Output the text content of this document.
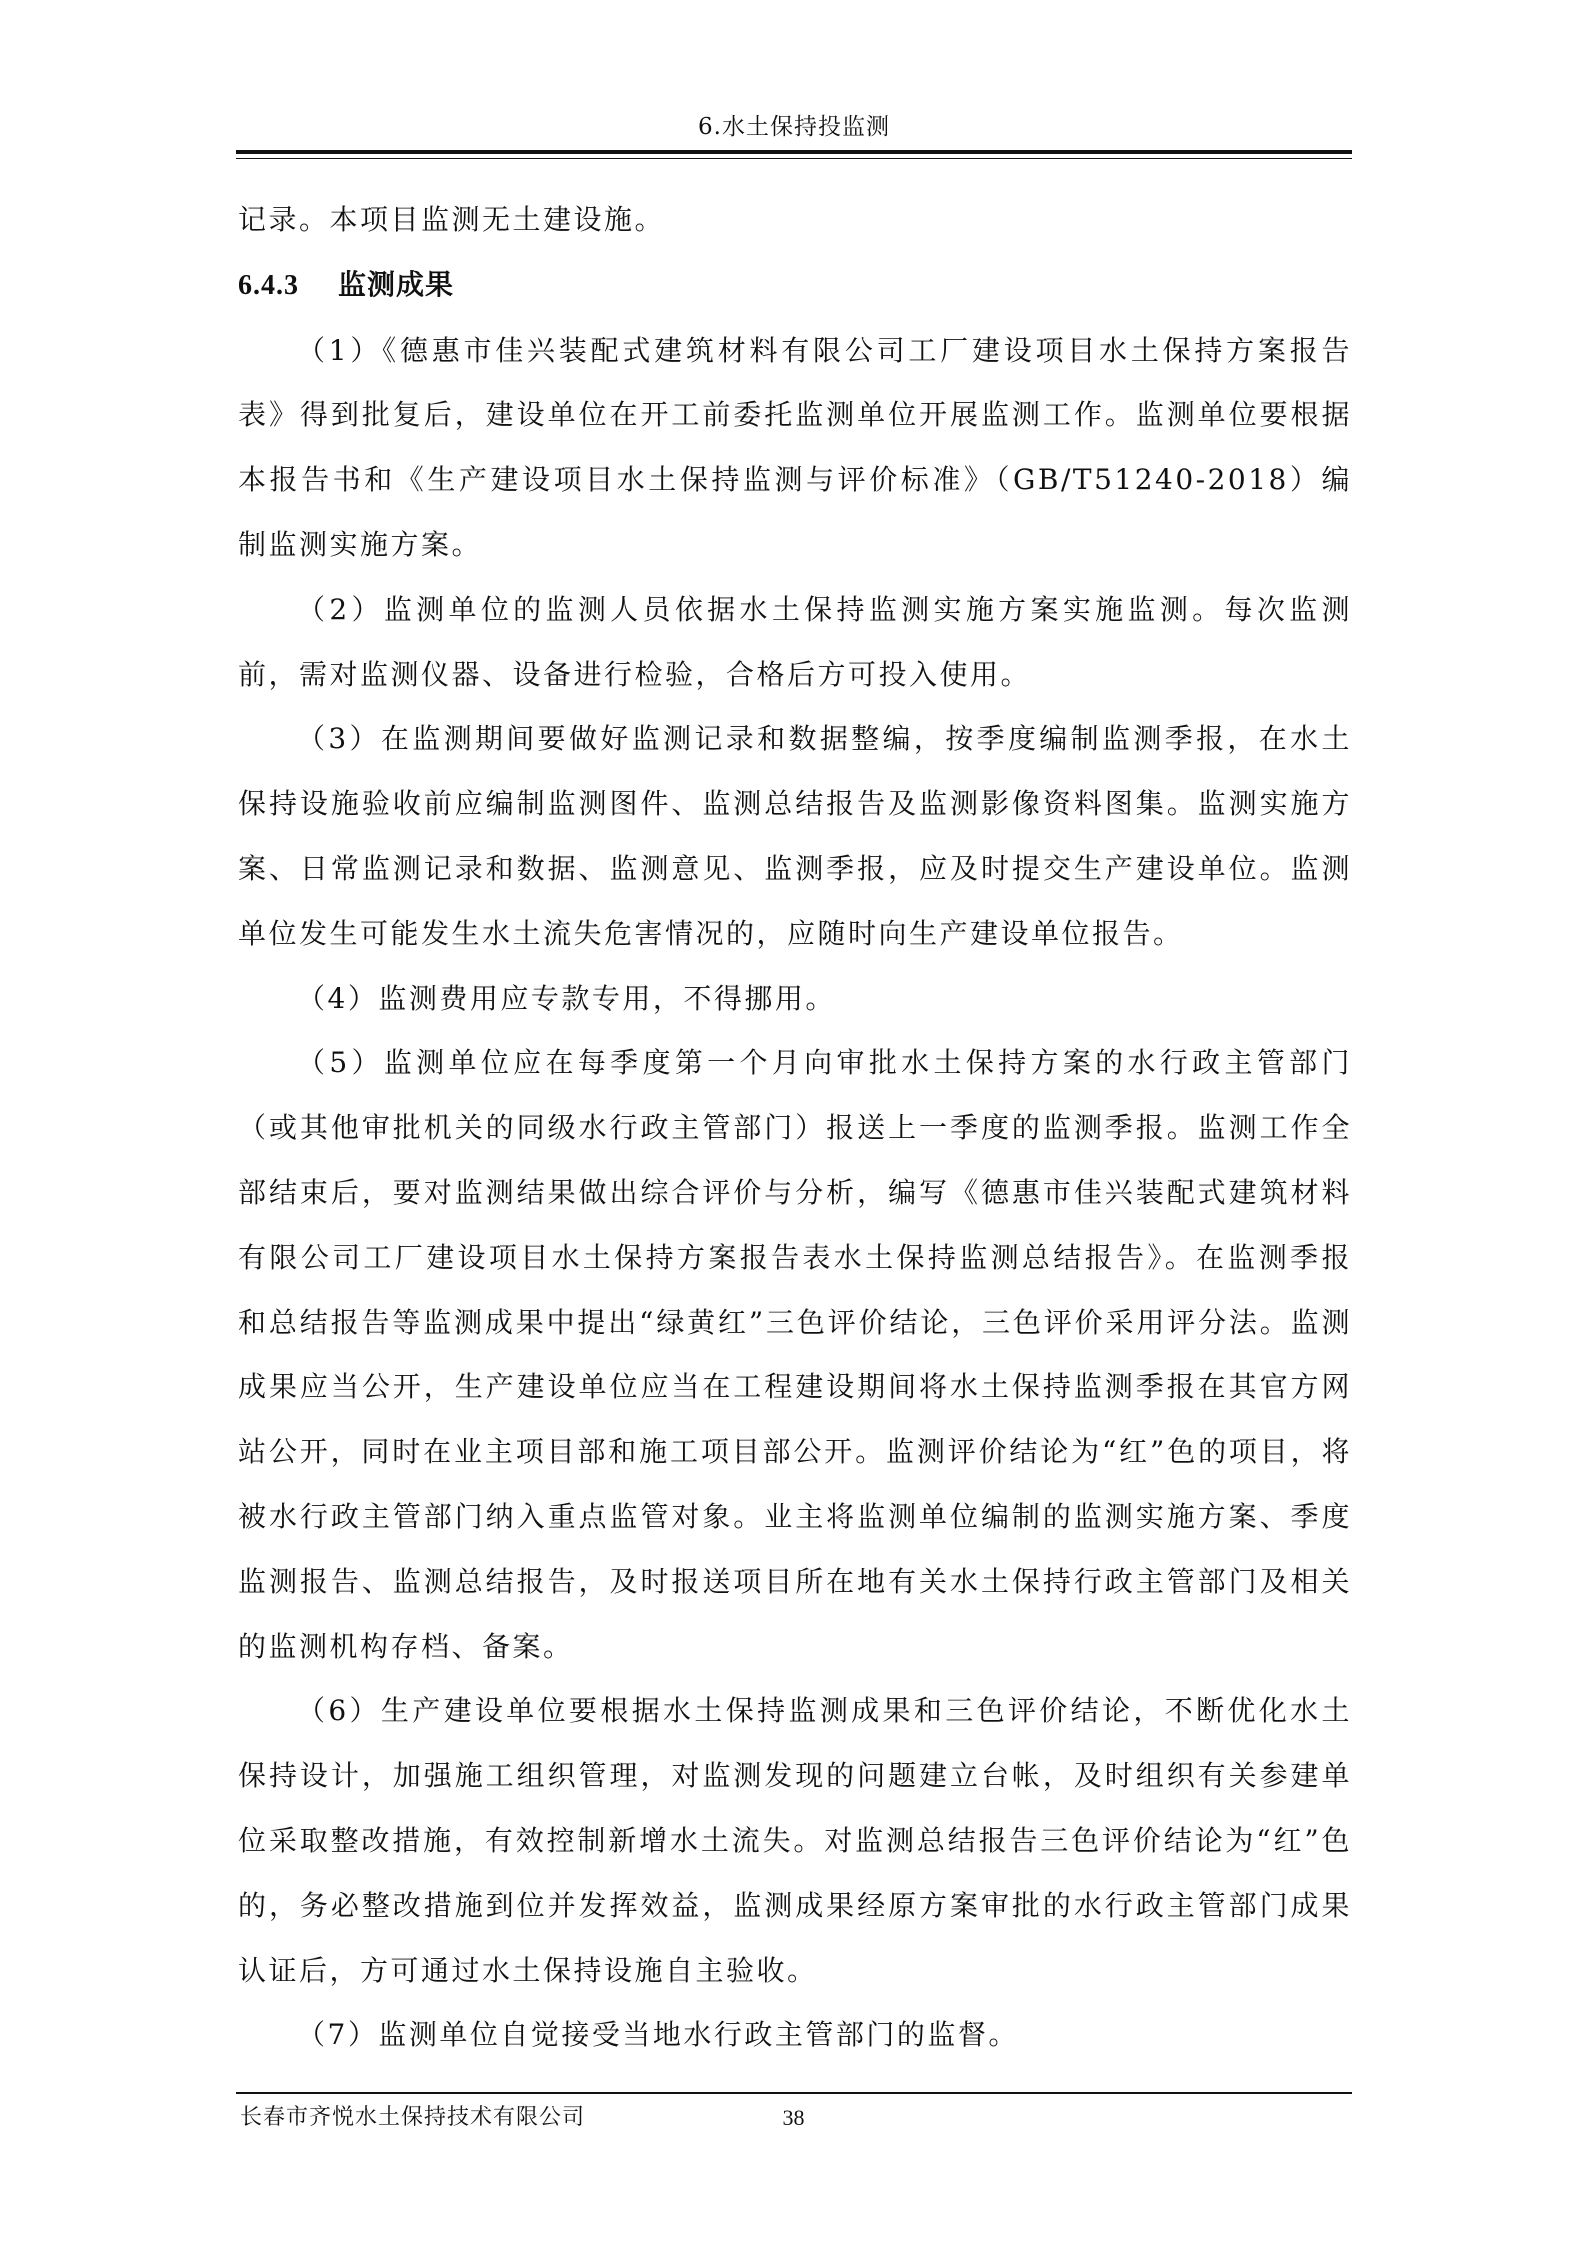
6.水土保持投监测

记录。本项目监测无土建设施。

6.4.3 监测成果

（1）《德惠市佳兴装配式建筑材料有限公司工厂建设项目水土保持方案报告表》得到批复后，建设单位在开工前委托监测单位开展监测工作。监测单位要根据本报告书和《生产建设项目水土保持监测与评价标准》（GB/T51240-2018）编制监测实施方案。

（2）监测单位的监测人员依据水土保持监测实施方案实施监测。每次监测前，需对监测仪器、设备进行检验，合格后方可投入使用。

（3）在监测期间要做好监测记录和数据整编，按季度编制监测季报，在水土保持设施验收前应编制监测图件、监测总结报告及监测影像资料图集。监测实施方案、日常监测记录和数据、监测意见、监测季报，应及时提交生产建设单位。监测单位发生可能发生水土流失危害情况的，应随时向生产建设单位报告。

（4）监测费用应专款专用，不得挪用。

（5）监测单位应在每季度第一个月向审批水土保持方案的水行政主管部门（或其他审批机关的同级水行政主管部门）报送上一季度的监测季报。监测工作全部结束后，要对监测结果做出综合评价与分析，编写《德惠市佳兴装配式建筑材料有限公司工厂建设项目水土保持方案报告表水土保持监测总结报告》。在监测季报和总结报告等监测成果中提出“绿黄红”三色评价结论，三色评价采用评分法。监测成果应当公开，生产建设单位应当在工程建设期间将水土保持监测季报在其官方网站公开，同时在业主项目部和施工项目部公开。监测评价结论为“红”色的项目，将被水行政主管部门纳入重点监管对象。业主将监测单位编制的监测实施方案、季度监测报告、监测总结报告，及时报送项目所在地有关水土保持行政主管部门及相关的监测机构存档、备案。

（6）生产建设单位要根据水土保持监测成果和三色评价结论，不断优化水土保持设计，加强施工组织管理，对监测发现的问题建立台帐，及时组织有关参建单位采取整改措施，有效控制新增水土流失。对监测总结报告三色评价结论为“红”色的，务必整改措施到位并发挥效益，监测成果经原方案审批的水行政主管部门成果认证后，方可通过水土保持设施自主验收。

（7）监测单位自觉接受当地水行政主管部门的监督。

长春市齐悦水土保持技术有限公司	38
